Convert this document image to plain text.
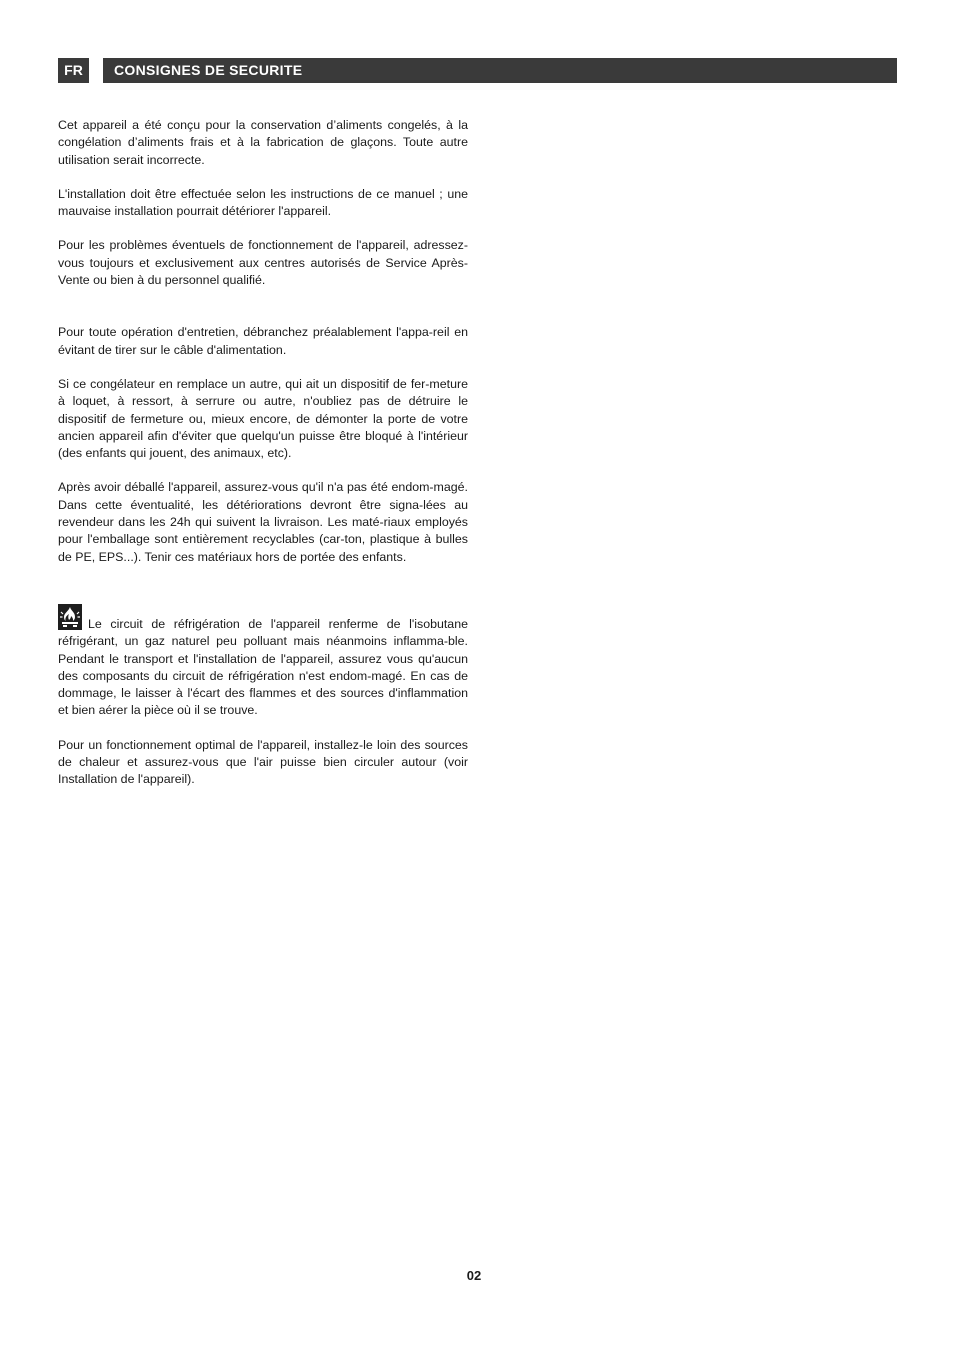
FR	CONSIGNES DE SECURITE

Cet appareil a été conçu pour la conservation d’aliments congelés, à la congélation d’aliments frais et à la fabrication de glaçons. Toute autre utilisation serait incorrecte.

L'installation doit être effectuée selon les instructions de ce manuel ; une mauvaise installation pourrait détériorer l'appareil.

Pour les problèmes éventuels de fonctionnement de l'appareil, adressez-vous toujours et exclusivement aux centres autorisés de Service Après-Vente ou bien à du personnel qualifié.

Pour toute opération d'entretien, débranchez préalablement l'appa-reil en évitant de tirer sur le câble d'alimentation.

Si ce congélateur en remplace un autre, qui ait un dispositif de fer-meture à loquet, à ressort, à serrure ou autre, n'oubliez pas de détruire le dispositif de fermeture ou, mieux encore, de démonter la porte de votre ancien appareil afin d'éviter que quelqu'un puisse être bloqué à l'intérieur (des enfants qui jouent, des animaux, etc).

Après avoir déballé l'appareil, assurez-vous qu'il n'a pas été endom-magé. Dans cette éventualité, les détériorations devront être signa-lées au revendeur dans les 24h qui suivent la livraison. Les maté-riaux employés pour l'emballage sont entièrement recyclables (car-ton, plastique à bulles de PE, EPS...). Tenir ces matériaux hors de portée des enfants.

Le circuit de réfrigération de l'appareil renferme de l'isobutane réfrigérant, un gaz naturel peu polluant mais néanmoins inflamma-ble. Pendant le transport et l'installation de l'appareil, assurez vous qu'aucun des composants du circuit de réfrigération n'est endom-magé. En cas de dommage, le laisser à l'écart des flammes et des sources d'inflammation et bien aérer la pièce où il se trouve.

Pour un fonctionnement optimal de l'appareil, installez-le loin des sources de chaleur et assurez-vous que l'air puisse bien circuler autour (voir Installation de l'appareil).

02
